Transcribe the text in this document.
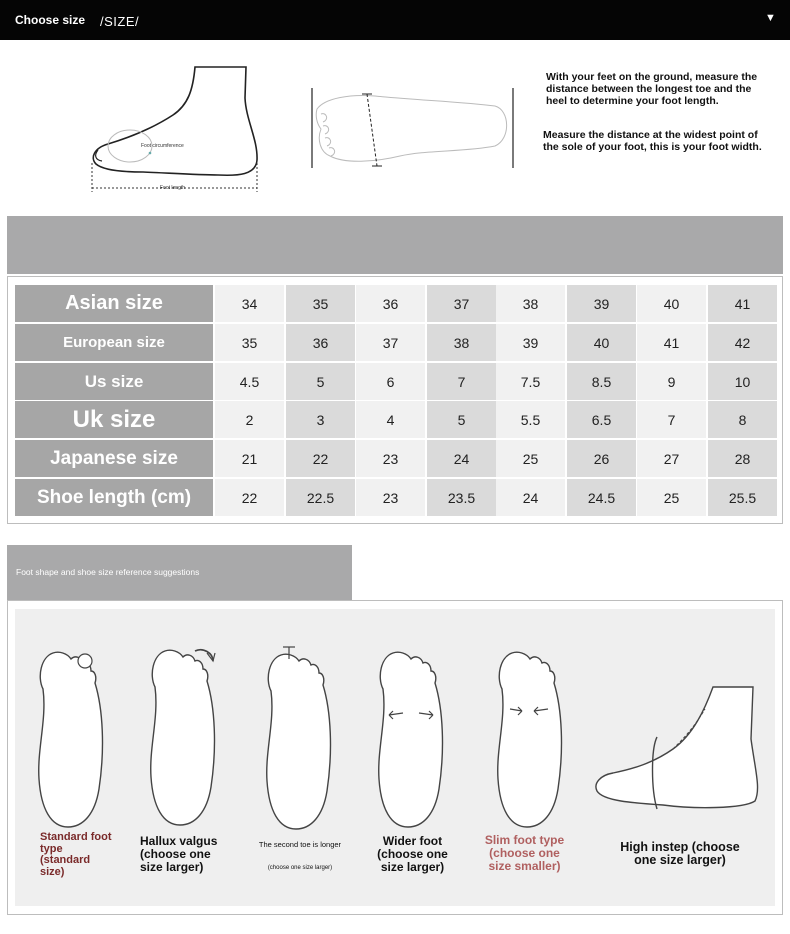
Choose size /SIZE/	▼
Foot circumference
Foot length
With your feet on the ground, measure the
distance between the longest toe and the
heel to determine your foot length.
Measure the distance at the widest point of
the sole of your foot, this is your foot width.
Asian size	34	35	36	37	38	39	40	41
European size	35	36	37	38	39	40	41	42
Us size	4.5	5	6	7	7.5	8.5	9	10
Uk size	2	3	4	5	5.5	6.5	7	8
Japanese size	21	22	23	24	25	26	27	28
Shoe length (cm)	22	22.5	23	23.5	24	24.5	25	25.5
Foot shape and shoe size reference suggestions
Standard foot
type
(standard
size)
Hallux valgus
(choose one
size larger)
The second toe is longer
(choose one size larger)
Wider foot
(choose one
size larger)
Slim foot type
(choose one
size smaller)
High instep (choose
one size larger)
